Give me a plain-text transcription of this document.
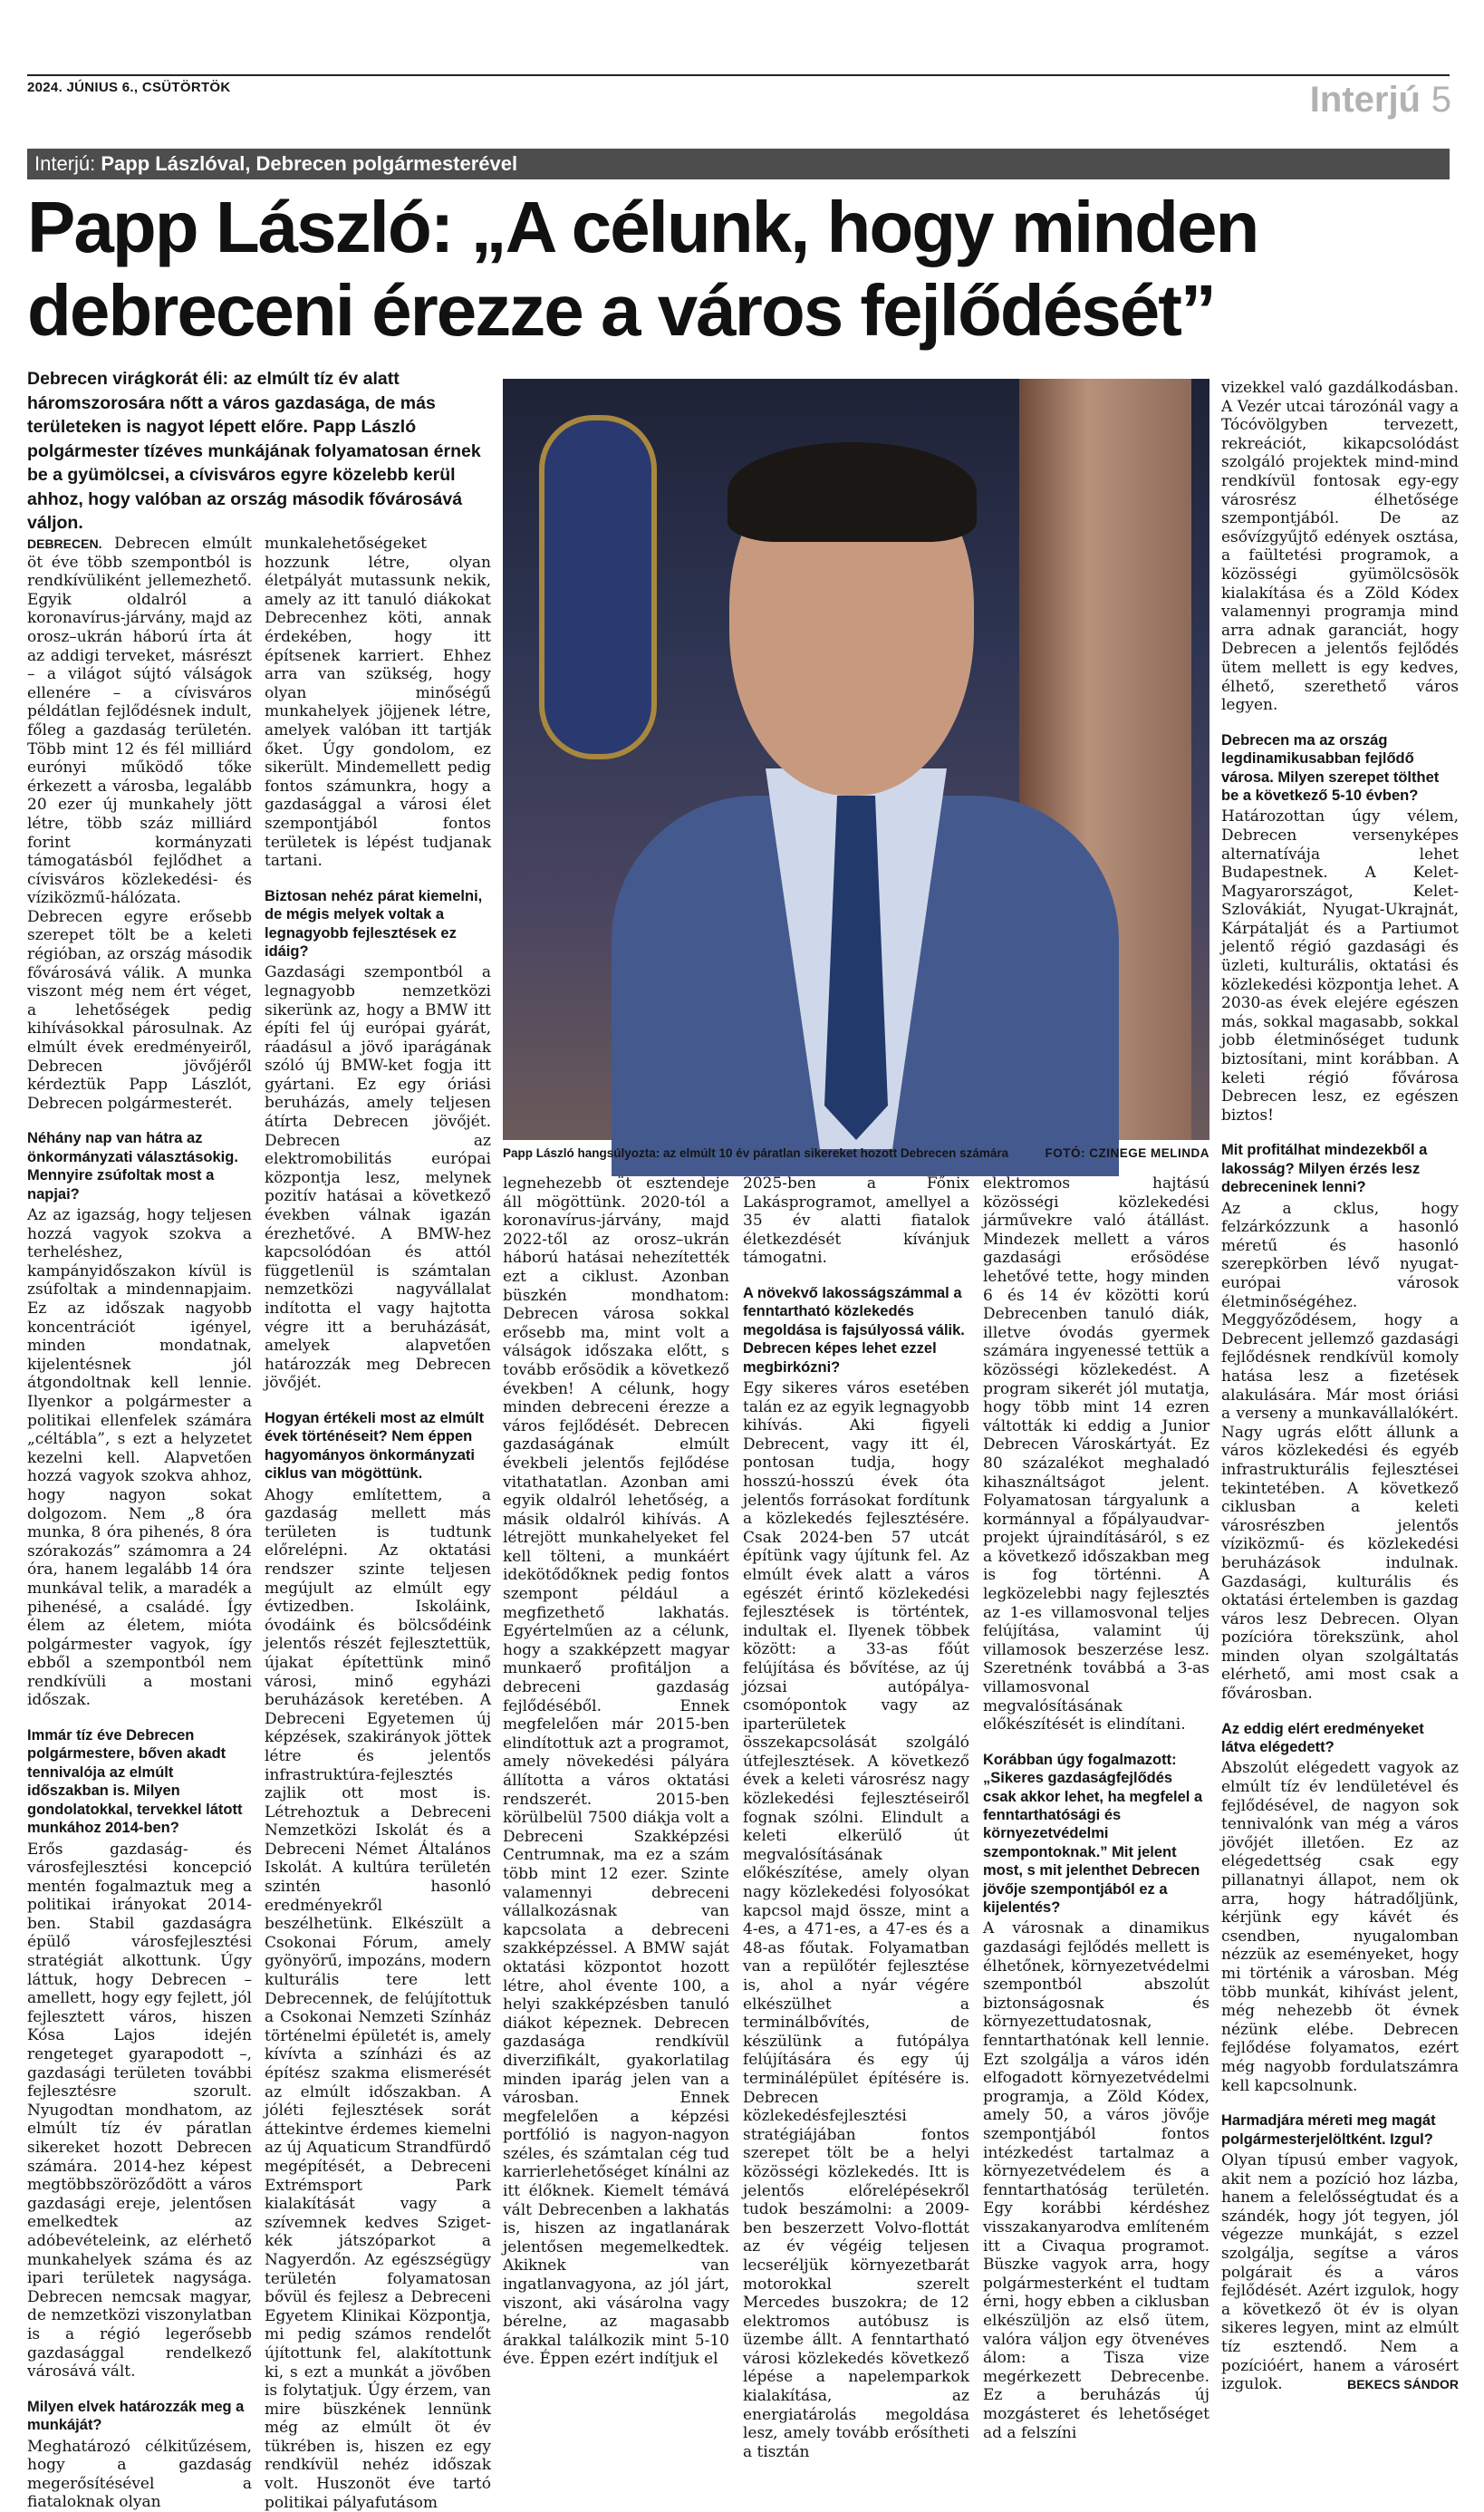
2024. JÚNIUS 6., CSÜTÖRTÖK	Interjú 5
Interjú: Papp Lászlóval, Debrecen polgármesterével
Papp László: „A célunk, hogy minden
debreceni érezze a város fejlődését”

Debrecen virágkorát éli: az elmúlt tíz év alatt háromszorosára nőtt a város gazdasága, de más területeken is nagyot lépett előre. Papp László polgármester tízéves munkájának folyamatosan érnek be a gyümölcsei, a cívisváros egyre közelebb kerül ahhoz, hogy valóban az ország második fővárosává váljon.

Papp László hangsúlyozta: az elmúlt 10 év páratlan sikereket hozott Debrecen számára	FOTÓ: CZINEGE MELINDA

DEBRECEN. Debrecen elmúlt öt éve több szempontból is rendkívüliként jellemezhető. Egyik oldalról a koronavírus-járvány, majd az orosz–ukrán háború írta át az addigi terveket, másrészt – a világot sújtó válságok ellenére – a cívisváros példátlan fejlődésnek indult, főleg a gazdaság területén. Több mint 12 és fél milliárd eurónyi működő tőke érkezett a városba, legalább 20 ezer új munkahely jött létre, több száz milliárd forint kormányzati támogatásból fejlődhet a cívisváros közlekedési- és víziközmű-hálózata. Debrecen egyre erősebb szerepet tölt be a keleti régióban, az ország második fővárosává válik. A munka viszont még nem ért véget, a lehetőségek pedig kihívásokkal párosulnak. Az elmúlt évek eredményeiről, Debrecen jövőjéről kérdeztük Papp Lászlót, Debrecen polgármesterét.

Néhány nap van hátra az önkormányzati választásokig. Mennyire zsúfoltak most a napjai?

Az az igazság, hogy teljesen hozzá vagyok szokva a terheléshez, kampányidőszakon kívül is zsúfoltak a mindennapjaim. Ez az időszak nagyobb koncentrációt igényel, minden mondatnak, kijelentésnek jól átgondoltnak kell lennie. Ilyenkor a polgármester a politikai ellenfelek számára „céltábla”, s ezt a helyzetet kezelni kell. Alapvetően hozzá vagyok szokva ahhoz, hogy nagyon sokat dolgozom. Nem „8 óra munka, 8 óra pihenés, 8 óra szórakozás” számomra a 24 óra, hanem legalább 14 óra munkával telik, a maradék a pihenésé, a családé. Így élem az életem, mióta polgármester vagyok, így ebből a szempontból nem rendkívüli a mostani időszak.

Immár tíz éve Debrecen polgármestere, bőven akadt tennivalója az elmúlt időszakban is. Milyen gondolatokkal, tervekkel látott munkához 2014-ben?

Erős gazdaság- és városfejlesztési koncepció mentén fogalmaztuk meg a politikai irányokat 2014-ben. Stabil gazdaságra épülő városfejlesztési stratégiát alkottunk. Úgy láttuk, hogy Debrecen – amellett, hogy egy fejlett, jól fejlesztett város, hiszen Kósa Lajos idején rengeteget gyarapodott –, gazdasági területen további fejlesztésre szorult. Nyugodtan mondhatom, az elmúlt tíz év páratlan sikereket hozott Debrecen számára. 2014-hez képest megtöbbszöröződött a város gazdasági ereje, jelentősen emelkedtek az adóbevételeink, az elérhető munkahelyek száma és az ipari területek nagysága. Debrecen nemcsak magyar, de nemzetközi viszonylatban is a régió legerősebb gazdasággal rendelkező városává vált.

Milyen elvek határozzák meg a munkáját?

Meghatározó célkitűzésem, hogy a gazdaság megerősítésével a fiataloknak olyan

munkalehetőségeket hozzunk létre, olyan életpályát mutassunk nekik, amely az itt tanuló diákokat Debrecenhez köti, annak érdekében, hogy itt építsenek karriert. Ehhez arra van szükség, hogy olyan minőségű munkahelyek jöjjenek létre, amelyek valóban itt tartják őket. Úgy gondolom, ez sikerült. Mindemellett pedig fontos számunkra, hogy a gazdasággal a városi élet szempontjából fontos területek is lépést tudjanak tartani.

Biztosan nehéz párat kiemelni, de mégis melyek voltak a legnagyobb fejlesztések ez idáig?

Gazdasági szempontból a legnagyobb nemzetközi sikerünk az, hogy a BMW itt építi fel új európai gyárát, ráadásul a jövő iparágának szóló új BMW-ket fogja itt gyártani. Ez egy óriási beruházás, amely teljesen átírta Debrecen jövőjét. Debrecen az elektromobilitás európai központja lesz, melynek pozitív hatásai a következő években válnak igazán érezhetővé. A BMW-hez kapcsolódóan és attól függetlenül is számtalan nemzetközi nagyvállalat indította el vagy hajtotta végre itt a beruházását, amelyek alapvetően határozzák meg Debrecen jövőjét.

Hogyan értékeli most az elmúlt évek történéseit? Nem éppen hagyományos önkormányzati ciklus van mögöttünk.

Ahogy említettem, a gazdaság mellett más területen is tudtunk előrelépni. Az oktatási rendszer szinte teljesen megújult az elmúlt egy évtizedben. Iskoláink, óvodáink és bölcsődéink jelentős részét fejlesztettük, újakat építettünk minő városi, minő egyházi beruházások keretében. A Debreceni Egyetemen új képzések, szakirányok jöttek létre és jelentős infrastruktúra-fejlesztés zajlik ott most is. Létrehoztuk a Debreceni Nemzetközi Iskolát és a Debreceni Német Általános Iskolát. A kultúra területén szintén hasonló eredményekről beszélhetünk. Elkészült a Csokonai Fórum, amely gyönyörű, impozáns, modern kulturális tere lett Debrecennek, de felújítottuk a Csokonai Nemzeti Színház történelmi épületét is, amely kívívta a színházi és az építész szakma elismerését az elmúlt időszakban. A jóléti fejlesztések sorát áttekintve érdemes kiemelni az új Aquaticum Strandfürdő megépítését, a Debreceni Extrémsport Park kialakítását vagy a szívemnek kedves Sziget-kék játszóparkot a Nagyerdőn. Az egészségügy területén folyamatosan bővül és fejlesz a Debreceni Egyetem Klinikai Központja, mi pedig számos rendelőt újítottunk fel, alakítottunk ki, s ezt a munkát a jövőben is folytatjuk. Úgy érzem, van mire büszkének lennünk még az elmúlt öt év tükrében is, hiszen ez egy rendkívül nehéz időszak volt. Huszonöt éve tartó politikai pályafutásom

legnehezebb öt esztendeje áll mögöttünk. 2020-tól a koronavírus-járvány, majd 2022-től az orosz–ukrán háború hatásai nehezítették ezt a ciklust. Azonban büszkén mondhatom: Debrecen városa sokkal erősebb ma, mint volt a válságok időszaka előtt, s tovább erősödik a következő években! A célunk, hogy minden debreceni érezze a város fejlődését. Debrecen gazdaságának elmúlt évekbeli jelentős fejlődése vitathatatlan. Azonban ami egyik oldalról lehetőség, a másik oldalról kihívás. A létrejött munkahelyeket fel kell tölteni, a munkáért idekötődőknek pedig fontos szempont például a megfizethető lakhatás. Egyértelműen az a célunk, hogy a szakképzett magyar munkaerő profitáljon a debreceni gazdaság fejlődéséből. Ennek megfelelően már 2015-ben elindítottuk azt a programot, amely növekedési pályára állította a város oktatási rendszerét. 2015-ben körülbelül 7500 diákja volt a Debreceni Szakképzési Centrumnak, ma ez a szám több mint 12 ezer. Szinte valamennyi debreceni vállalkozásnak van kapcsolata a debreceni szakképzéssel. A BMW saját oktatási központot hozott létre, ahol évente 100, a helyi szakképzésben tanuló diákot képeznek. Debrecen gazdasága rendkívül diverzifikált, gyakorlatilag minden iparág jelen van a városban. Ennek megfelelően a képzési portfólió is nagyon-nagyon széles, és számtalan cég tud karrierlehetőséget kínálni az itt élőknek. Kiemelt témává vált Debrecenben a lakhatás is, hiszen az ingatlanárak jelentősen megemelkedtek. Akiknek van ingatlanvagyona, az jól járt, viszont, aki vásárolna vagy bérelne, az magasabb árakkal találkozik mint 5-10 éve. Éppen ezért indítjuk el

2025-ben a Főnix Lakásprogramot, amellyel a 35 év alatti fiatalok életkezdését kívánjuk támogatni.

A növekvő lakosságszámmal a fenntartható közlekedés megoldása is fajsúlyossá válik. Debrecen képes lehet ezzel megbirkózni?

Egy sikeres város esetében talán ez az egyik legnagyobb kihívás. Aki figyeli Debrecent, vagy itt él, pontosan tudja, hogy hosszú-hosszú évek óta jelentős forrásokat fordítunk a közlekedés fejlesztésére. Csak 2024-ben 57 utcát építünk vagy újítunk fel. Az elmúlt évek alatt a város egészét érintő közlekedési fejlesztések is történtek, indultak el. Ilyenek többek között: a 33-as főút felújítása és bővítése, az új józsai autópálya-csomópontok vagy az iparterületek összekapcsolását szolgáló útfejlesztések. A következő évek a keleti városrész nagy közlekedési fejlesztéseiről fognak szólni. Elindult a keleti elkerülő út megvalósításának előkészítése, amely olyan nagy közlekedési folyosókat kapcsol majd össze, mint a 4-es, a 471-es, a 47-es és a 48-as főutak. Folyamatban van a repülőtér fejlesztése is, ahol a nyár végére elkészülhet a terminálbővítés, de készülünk a futópálya felújítására és egy új terminálépület építésére is. Debrecen közlekedésfejlesztési stratégiájában fontos szerepet tölt be a helyi közösségi közlekedés. Itt is jelentős előrelépésekről tudok beszámolni: a 2009-ben beszerzett Volvo-flottát az év végéig teljesen lecseréljük környezetbarát motorokkal szerelt Mercedes buszokra; de 12 elektromos autóbusz is üzembe állt. A fenntartható városi közlekedés következő lépése a napelemparkok kialakítása, az energiatárolás megoldása lesz, amely tovább erősítheti a tisztán

elektromos hajtású közösségi közlekedési járművekre való átállást. Mindezek mellett a város gazdasági erősödése lehetővé tette, hogy minden 6 és 14 év közötti korú Debrecenben tanuló diák, illetve óvodás gyermek számára ingyenessé tettük a közösségi közlekedést. A program sikerét jól mutatja, hogy több mint 14 ezren váltották ki eddig a Junior Debrecen Városkártyát. Ez 80 százalékot meghaladó kihasználtságot jelent. Folyamatosan tárgyalunk a kormánnyal a főpályaudvar-projekt újraindításáról, s ez a következő időszakban meg is fog történni. A legközelebbi nagy fejlesztés az 1-es villamosvonal teljes felújítása, valamint új villamosok beszerzése lesz. Szeretnénk továbbá a 3-as villamosvonal megvalósításának előkészítését is elindítani.

Korábban úgy fogalmazott: „Sikeres gazdaságfejlődés csak akkor lehet, ha megfelel a fenntarthatósági és környezetvédelmi szempontoknak.” Mit jelent most, s mit jelenthet Debrecen jövője szempontjából ez a kijelentés?

A városnak a dinamikus gazdasági fejlődés mellett is élhetőnek, környezetvédelmi szempontból abszolút biztonságosnak és környezettudatosnak, fenntarthatónak kell lennie. Ezt szolgálja a város idén elfogadott környezetvédelmi programja, a Zöld Kódex, amely 50, a város jövője szempontjából fontos intézkedést tartalmaz a környezetvédelem és a fenntarthatóság területén. Egy korábbi kérdéshez visszakanyarodva említeném itt a Civaqua programot. Büszke vagyok arra, hogy polgármesterként el tudtam érni, hogy ebben a ciklusban elkészüljön az első ütem, valóra váljon egy ötvenéves álom: a Tisza vize megérkezett Debrecenbe. Ez a beruházás új mozgásteret és lehetőséget ad a felszíni

vizekkel való gazdálkodásban. A Vezér utcai tározónál vagy a Tócóvölgyben tervezett, rekreációt, kikapcsolódást szolgáló projektek mind-mind rendkívül fontosak egy-egy városrész élhetősége szempontjából. De az esővízgyűjtő edények osztása, a faültetési programok, a közösségi gyümölcsösök kialakítása és a Zöld Kódex valamennyi programja mind arra adnak garanciát, hogy Debrecen a jelentős fejlődés ütem mellett is egy kedves, élhető, szerethető város legyen.

Debrecen ma az ország legdinamikusabban fejlődő városa. Milyen szerepet tölthet be a következő 5-10 évben?

Határozottan úgy vélem, Debrecen versenyképes alternatívája lehet Budapestnek. A Kelet-Magyarországot, Kelet-Szlovákiát, Nyugat-Ukrajnát, Kárpátalját és a Partiumot jelentő régió gazdasági és üzleti, kulturális, oktatási és közlekedési központja lehet. A 2030-as évek elejére egészen más, sokkal magasabb, sokkal jobb életminőséget tudunk biztosítani, mint korábban. A keleti régió fővárosa Debrecen lesz, ez egészen biztos!

Mit profitálhat mindezekből a lakosság? Milyen érzés lesz debreceninek lenni?

Az a cklus, hogy felzárkózzunk a hasonló méretű és hasonló szerepkörben lévő nyugat-európai városok életminőségéhez. Meggyőződésem, hogy a Debrecent jellemző gazdasági fejlődésnek rendkívül komoly hatása lesz a fizetések alakulására. Már most óriási a verseny a munkavállalókért. Nagy ugrás előtt állunk a város közlekedési és egyéb infrastrukturális fejlesztései tekintetében. A következő ciklusban a keleti városrészben jelentős víziközmű- és közlekedési beruházások indulnak. Gazdasági, kulturális és oktatási értelemben is gazdag város lesz Debrecen. Olyan pozícióra törekszünk, ahol minden olyan szolgáltatás elérhető, ami most csak a fővárosban.

Az eddig elért eredményeket látva elégedett?

Abszolút elégedett vagyok az elmúlt tíz év lendületével és fejlődésével, de nagyon sok tennivalónk van még a város jövőjét illetően. Ez az elégedettség csak egy pillanatnyi állapot, nem ok arra, hogy hátradőljünk, kérjünk egy kávét és csendben, nyugalomban nézzük az eseményeket, hogy mi történik a városban. Még több munkát, kihívást jelent, még nehezebb öt évnek nézünk elébe. Debrecen fejlődése folyamatos, ezért még nagyobb fordulatszámra kell kapcsolnunk.

Harmadjára méreti meg magát polgármesterjelöltként. Izgul?

Olyan típusú ember vagyok, akit nem a pozíció hoz lázba, hanem a felelősségtudat és a szándék, hogy jót tegyen, jól végezze munkáját, s ezzel szolgálja, segítse a város polgárait és a város fejlődését. Azért izgulok, hogy a következő öt év is olyan sikeres legyen, mint az elmúlt tíz esztendő. Nem a pozícióért, hanem a városért izgulok.	BEKECS SÁNDOR
